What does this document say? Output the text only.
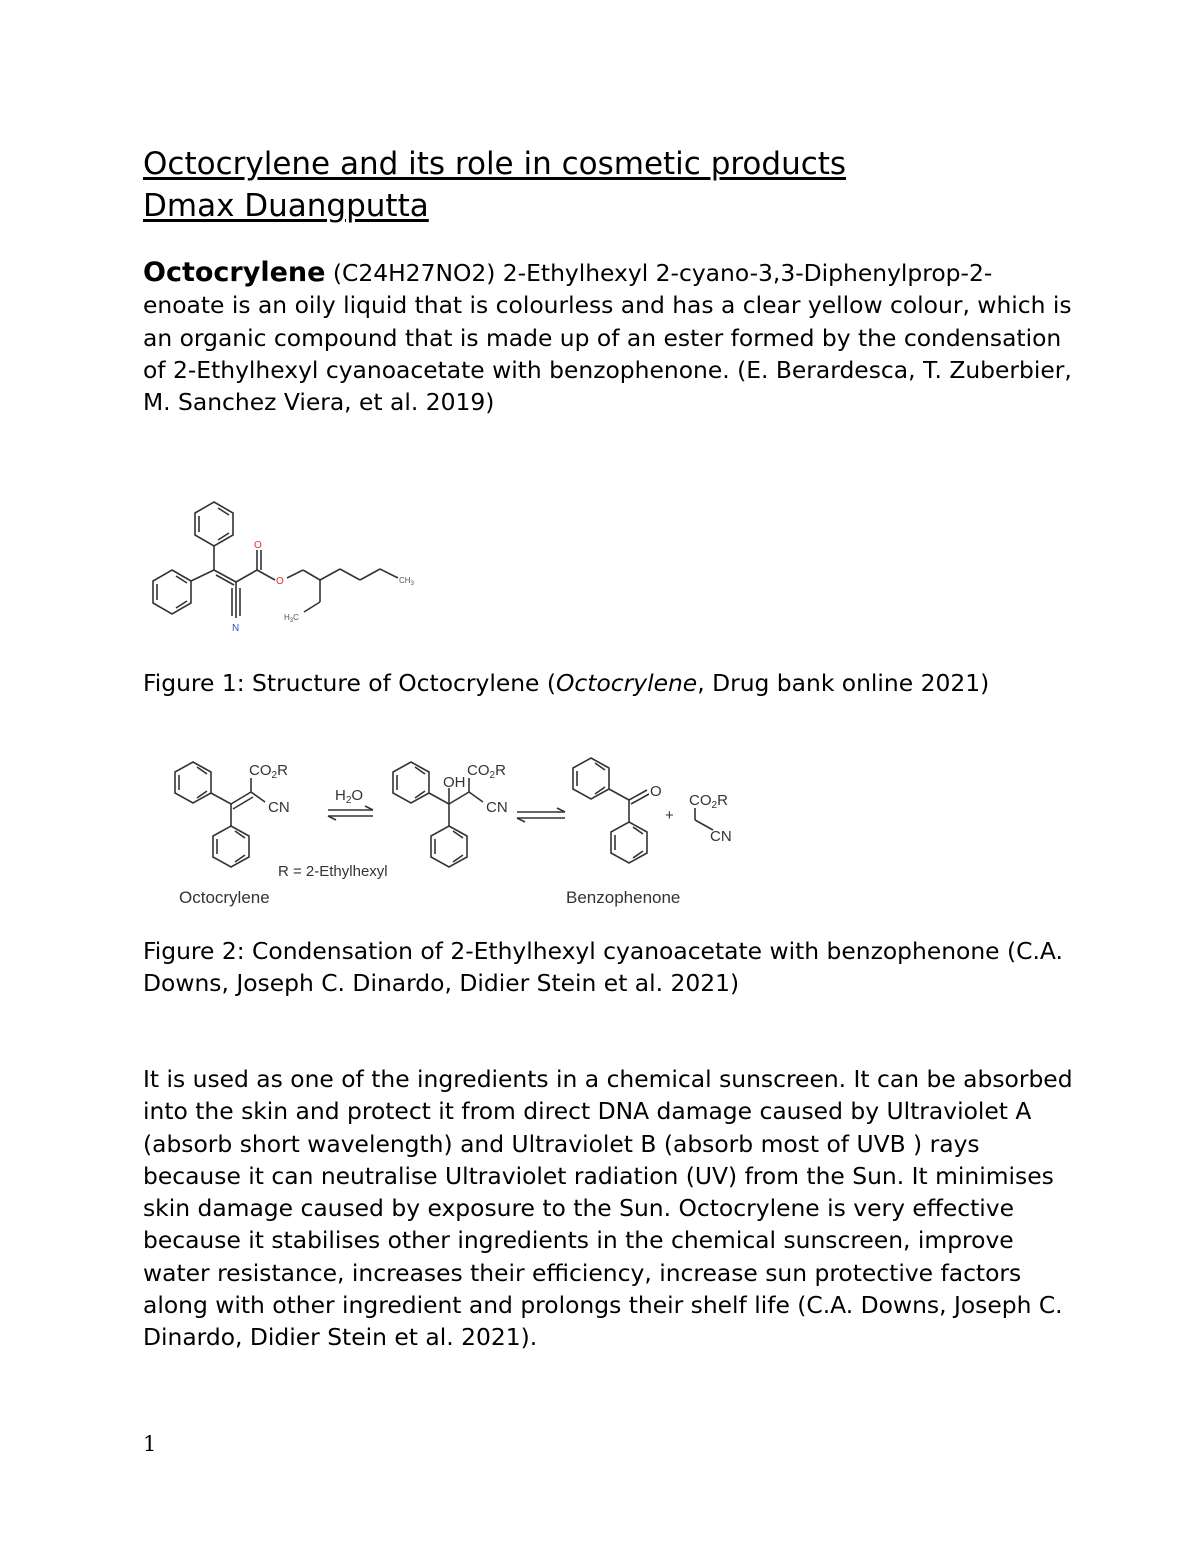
Octocrylene and its role in cosmetic products
Dmax Duangputta

Octocrylene (C24H27NO2) 2-Ethylhexyl 2-cyano-3,3-Diphenylprop-2-enoate is an oily liquid that is colourless and has a clear yellow colour, which is an organic compound that is made up of an ester formed by the condensation of 2-Ethylhexyl cyanoacetate with benzophenone. (E. Berardesca, T. Zuberbier, M. Sanchez Viera, et al. 2019)

O
O
N
$CH_3$
$H_3C$

Figure 1: Structure of Octocrylene (Octocrylene, Drug bank online 2021)

$CO_2R$
CN
$H_2O$
R = 2-Ethylhexyl
Octocrylene
OH
$CO_2R$
CN
O
+
$CO_2R$
CN
Benzophenone

Figure 2: Condensation of 2-Ethylhexyl cyanoacetate with benzophenone (C.A. Downs, Joseph C. Dinardo, Didier Stein et al. 2021)

It is used as one of the ingredients in a chemical sunscreen. It can be absorbed into the skin and protect it from direct DNA damage caused by Ultraviolet A (absorb short wavelength) and Ultraviolet B (absorb most of UVB ) rays because it can neutralise Ultraviolet radiation (UV) from the Sun. It minimises skin damage caused by exposure to the Sun. Octocrylene is very effective because it stabilises other ingredients in the chemical sunscreen, improve water resistance, increases their efficiency, increase sun protective factors along with other ingredient and prolongs their shelf life (C.A. Downs, Joseph C. Dinardo, Didier Stein et al. 2021).

1
